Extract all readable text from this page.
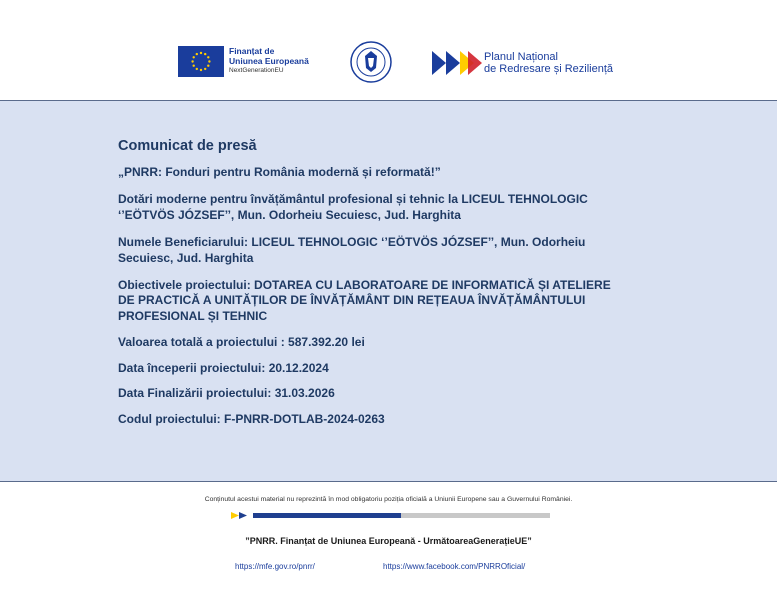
Finanțat de
Uniunea Europeană
NextGenerationEU
Planul Național
de Redresare și Reziliență

Comunicat de presă

„PNRR: Fonduri pentru România modernă și reformată!”

Dotări moderne pentru învățământul profesional și tehnic la LICEUL TEHNOLOGIC

‘’EÖTVÖS JÓZSEF’’, Mun. Odorheiu Secuiesc, Jud. Harghita

Numele Beneficiarului: LICEUL TEHNOLOGIC ‘’EÖTVÖS JÓZSEF’’, Mun. Odorheiu

Secuiesc, Jud. Harghita

Obiectivele proiectului: DOTAREA CU LABORATOARE DE INFORMATICĂ ȘI ATELIERE

DE PRACTICĂ A UNITĂȚILOR DE ÎNVĂȚĂMÂNT DIN REȚEAUA ÎNVĂȚĂMÂNTULUI

PROFESIONAL ȘI TEHNIC

Valoarea totală a proiectului : 587.392.20 lei

Data începerii proiectului: 20.12.2024

Data Finalizării proiectului: 31.03.2026

Codul proiectului: F-PNRR-DOTLAB-2024-0263

Conținutul acestui material nu reprezintă în mod obligatoriu poziția oficială a Uniunii Europene sau a Guvernului României.
”PNRR. Finanțat de Uniunea Europeană - UrmătoareaGenerațieUE”
https://mfe.gov.ro/pnrr/	https://www.facebook.com/PNRROficial/
